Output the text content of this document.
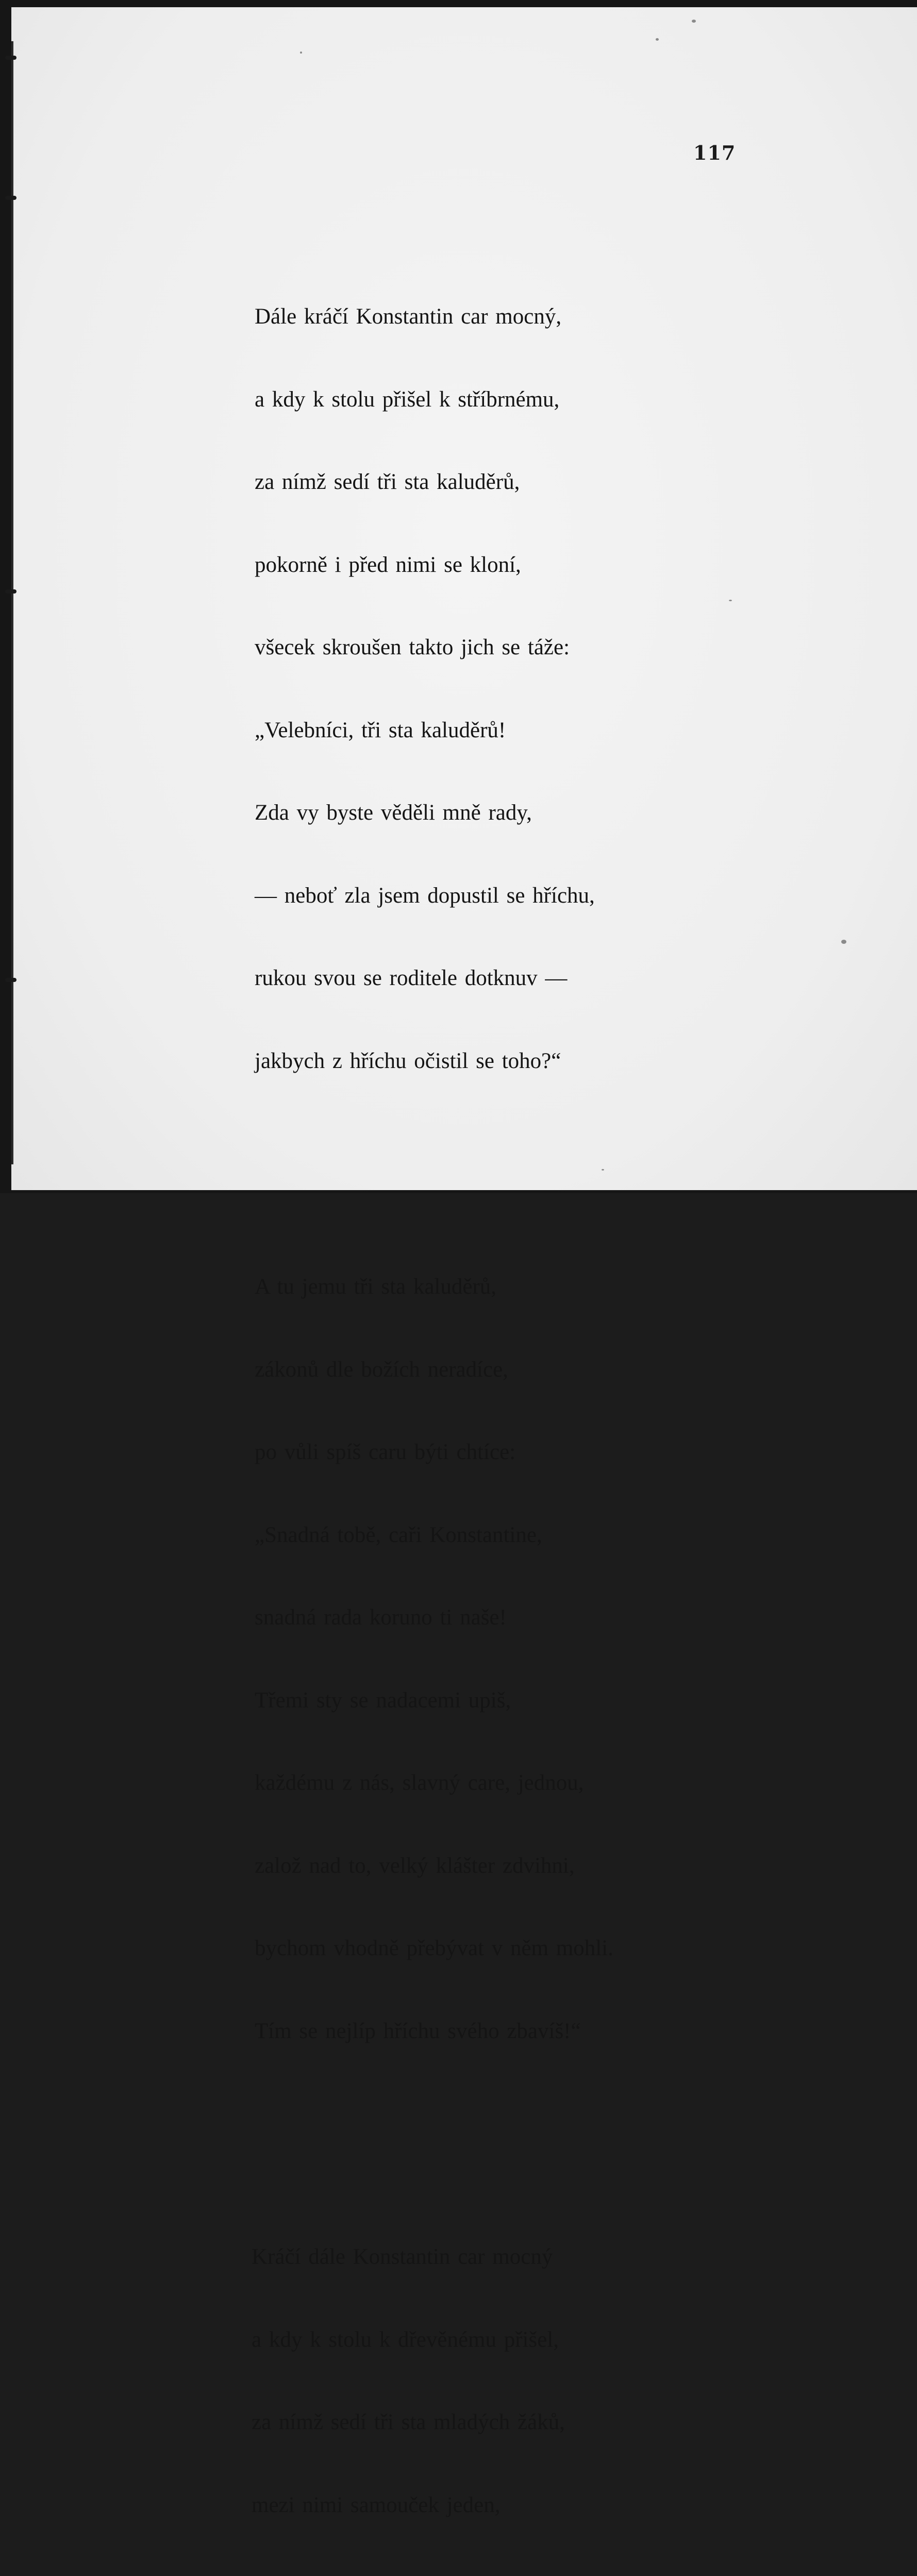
117

Dále kráčí Konstantin car mocný,

a kdy k stolu přišel k stříbrnému,

za nímž sedí tři sta kaluděrů,

pokorně i před nimi se kloní,

všecek skroušen takto jich se táže:

„Velebníci, tři sta kaluděrů!

Zda vy byste věděli mně rady,

— neboť zla jsem dopustil se hříchu,

rukou svou se roditele dotknuv —

jakbych z hříchu očistil se toho?“

A tu jemu tři sta kaluděrů,

zákonů dle božích neradíce,

po vůli spíš caru býti chtíce:

„Snadná tobě, caři Konstantine,

snadná rada koruno ti naše!

Třemi sty se nadacemi upiš,

každému z nás, slavný care, jednou,

založ nad to, velký klášter zdvihni,

bychom vhodně přebývat v něm mohli.

Tím se nejlíp hříchu svého zbavíš!“

Kráčí dále Konstantin car mocný

a kdy k stolu k dřevěnému přišel,

za nímž sedí tři sta mladých žáků,

mezi nimi samouček jeden,
